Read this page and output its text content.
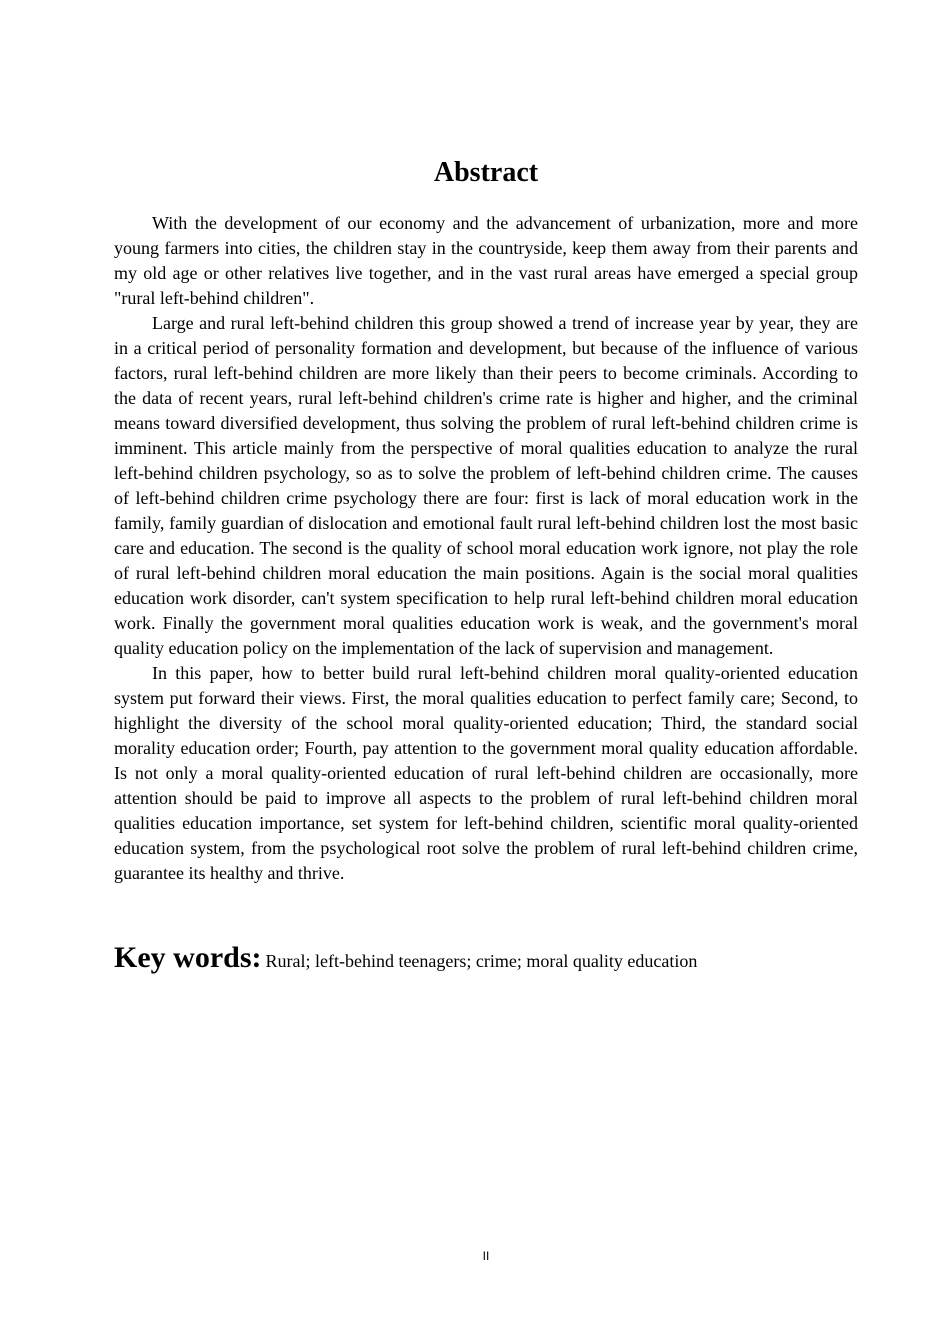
Abstract

With the development of our economy and the advancement of urbanization, more and more young farmers into cities, the children stay in the countryside, keep them away from their parents and my old age or other relatives live together, and in the vast rural areas have emerged a special group "rural left-behind children".

Large and rural left-behind children this group showed a trend of increase year by year, they are in a critical period of personality formation and development, but because of the influence of various factors, rural left-behind children are more likely than their peers to become criminals. According to the data of recent years, rural left-behind children's crime rate is higher and higher, and the criminal means toward diversified development, thus solving the problem of rural left-behind children crime is imminent. This article mainly from the perspective of moral qualities education to analyze the rural left-behind children psychology, so as to solve the problem of left-behind children crime. The causes of left-behind children crime psychology there are four: first is lack of moral education work in the family, family guardian of dislocation and emotional fault rural left-behind children lost the most basic care and education. The second is the quality of school moral education work ignore, not play the role of rural left-behind children moral education the main positions. Again is the social moral qualities education work disorder, can't system specification to help rural left-behind children moral education work. Finally the government moral qualities education work is weak, and the government's moral quality education policy on the implementation of the lack of supervision and management.

In this paper, how to better build rural left-behind children moral quality-oriented education system put forward their views. First, the moral qualities education to perfect family care; Second, to highlight the diversity of the school moral quality-oriented education; Third, the standard social morality education order; Fourth, pay attention to the government moral quality education affordable. Is not only a moral quality-oriented education of rural left-behind children are occasionally, more attention should be paid to improve all aspects to the problem of rural left-behind children moral qualities education importance, set system for left-behind children, scientific moral quality-oriented education system, from the psychological root solve the problem of rural left-behind children crime, guarantee its healthy and thrive.

Key words: Rural; left-behind teenagers; crime; moral quality education

II
